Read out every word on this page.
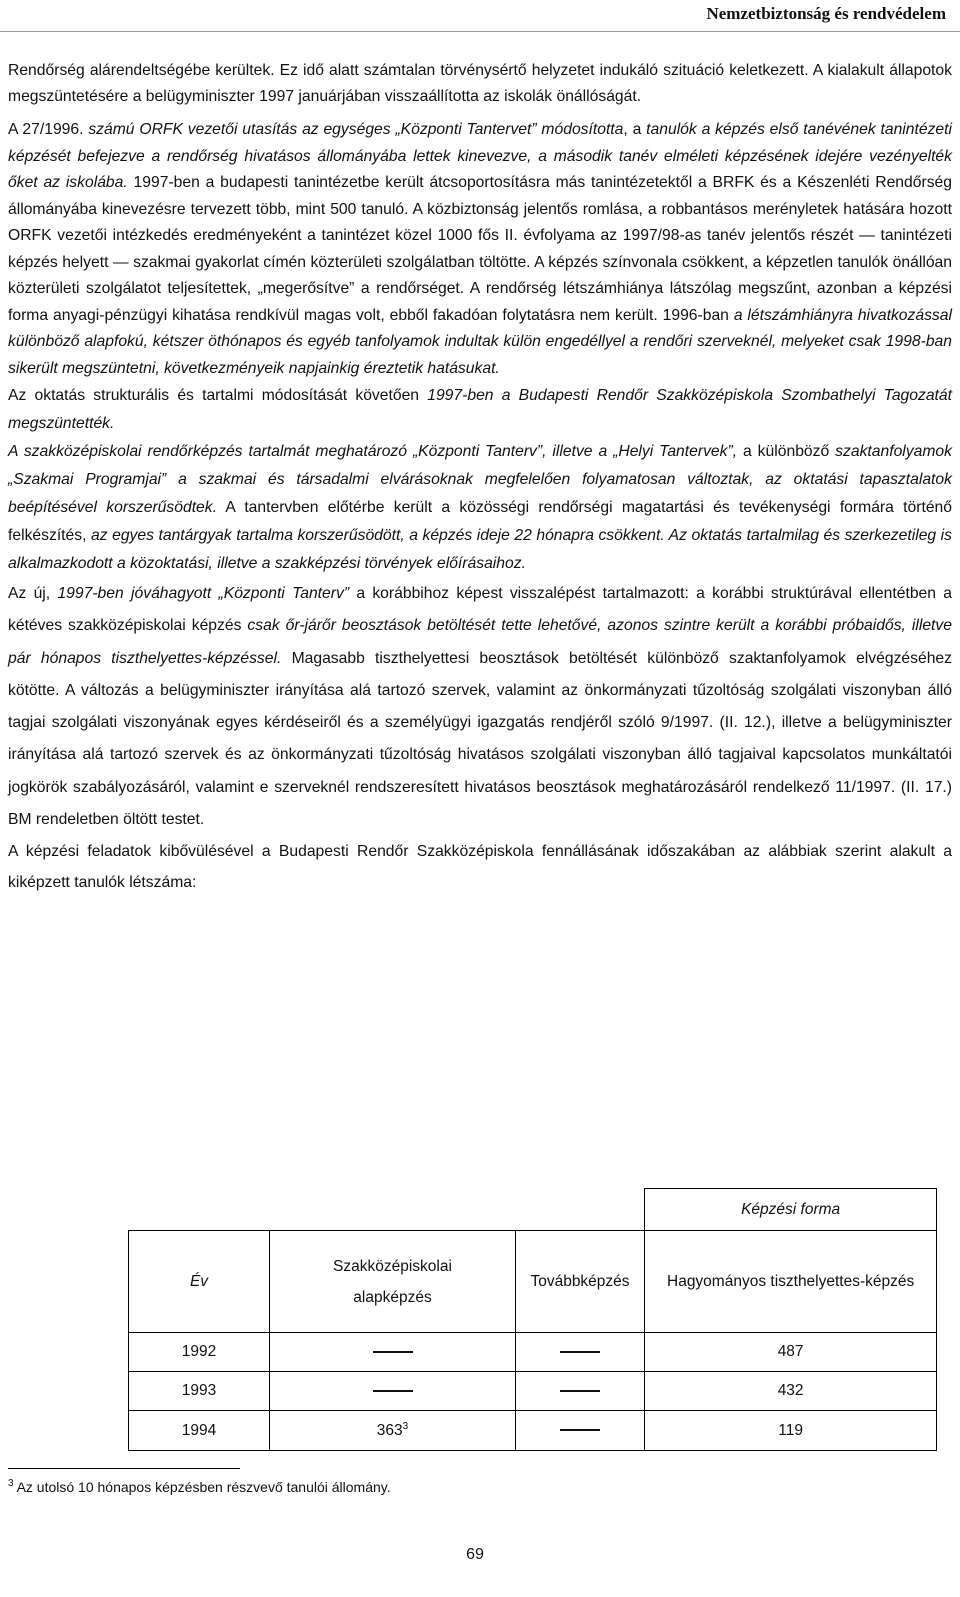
Nemzetbiztonság és rendvédelem

Rendőrség alárendeltségébe kerültek. Ez idő alatt számtalan törvénysértő helyzetet indukáló szituáció keletkezett. A kialakult állapotok megszüntetésére a belügyminiszter 1997 januárjában visszaállította az iskolák önállóságát.

A 27/1996. számú ORFK vezetői utasítás az egységes „Központi Tantervet” módosította, a tanulók a képzés első tanévének tanintézeti képzését befejezve a rendőrség hivatásos állományába lettek kinevezve, a második tanév elméleti képzésének idejére vezényelték őket az iskolába. 1997-ben a budapesti tanintézetbe került átcsoportosításra más tanintézetektől a BRFK és a Készenléti Rendőrség állományába kinevezésre tervezett több, mint 500 tanuló. A közbiztonság jelentős romlása, a robbantásos merényletek hatására hozott ORFK vezetői intézkedés eredményeként a tanintézet közel 1000 fős II. évfolyama az 1997/98-as tanév jelentős részét — tanintézeti képzés helyett — szakmai gyakorlat címén közterületi szolgálatban töltötte. A képzés színvonala csökkent, a képzetlen tanulók önállóan közterületi szolgálatot teljesítettek, „megerősítve” a rendőrséget. A rendőrség létszámhiánya látszólag megszűnt, azonban a képzési forma anyagi-pénzügyi kihatása rendkívül magas volt, ebből fakadóan folytatásra nem került. 1996-ban a létszámhiányra hivatkozással különböző alapfokú, kétszer öthónapos és egyéb tanfolyamok indultak külön engedéllyel a rendőri szerveknél, melyeket csak 1998-ban sikerült megszüntetni, következményeik napjainkig éreztetik hatásukat.

Az oktatás strukturális és tartalmi módosítását követően 1997-ben a Budapesti Rendőr Szakközépiskola Szombathelyi Tagozatát megszüntették.

A szakközépiskolai rendőrképzés tartalmát meghatározó „Központi Tanterv”, illetve a „Helyi Tantervek”, a különböző szaktanfolyamok „Szakmai Programjai” a szakmai és társadalmi elvárásoknak megfelelően folyamatosan változtak, az oktatási tapasztalatok beépítésével korszerűsödtek. A tantervben előtérbe került a közösségi rendőrségi magatartási és tevékenységi formára történő felkészítés, az egyes tantárgyak tartalma korszerűsödött, a képzés ideje 22 hónapra csökkent. Az oktatás tartalmilag és szerkezetileg is alkalmazkodott a közoktatási, illetve a szakképzési törvények előírásaihoz.

Az új, 1997-ben jóváhagyott „Központi Tanterv” a korábbihoz képest visszalépést tartalmazott: a korábbi struktúrával ellentétben a kétéves szakközépiskolai képzés csak őr-járőr beosztások betöltését tette lehetővé, azonos szintre került a korábbi próbaidős, illetve pár hónapos tiszthelyettes-képzéssel. Magasabb tiszthelyettesi beosztások betöltését különböző szaktanfolyamok elvégzéséhez kötötte. A változás a belügyminiszter irányítása alá tartozó szervek, valamint az önkormányzati tűzoltóság szolgálati viszonyban álló tagjai szolgálati viszonyának egyes kérdéseiről és a személyügyi igazgatás rendjéről szóló 9/1997. (II. 12.), illetve a belügyminiszter irányítása alá tartozó szervek és az önkormányzati tűzoltóság hivatásos szolgálati viszonyban álló tagjaival kapcsolatos munkáltatói jogkörök szabályozásáról, valamint e szerveknél rendszeresített hivatásos beosztások meghatározásáról rendelkező 11/1997. (II. 17.) BM rendeletben öltött testet.

A képzési feladatok kibővülésével a Budapesti Rendőr Szakközépiskola fennállásának időszakában az alábbiak szerint alakult a kiképzett tanulók létszáma:

			Képzési forma
Év	Szakközépiskolai alapképzés	Továbbképzés	Hagyományos tiszthelyettes-képzés
1992			487
1993			432
1994	$363^3$		119
$^3$ Az utolsó 10 hónapos képzésben részvevő tanulói állomány.
69
